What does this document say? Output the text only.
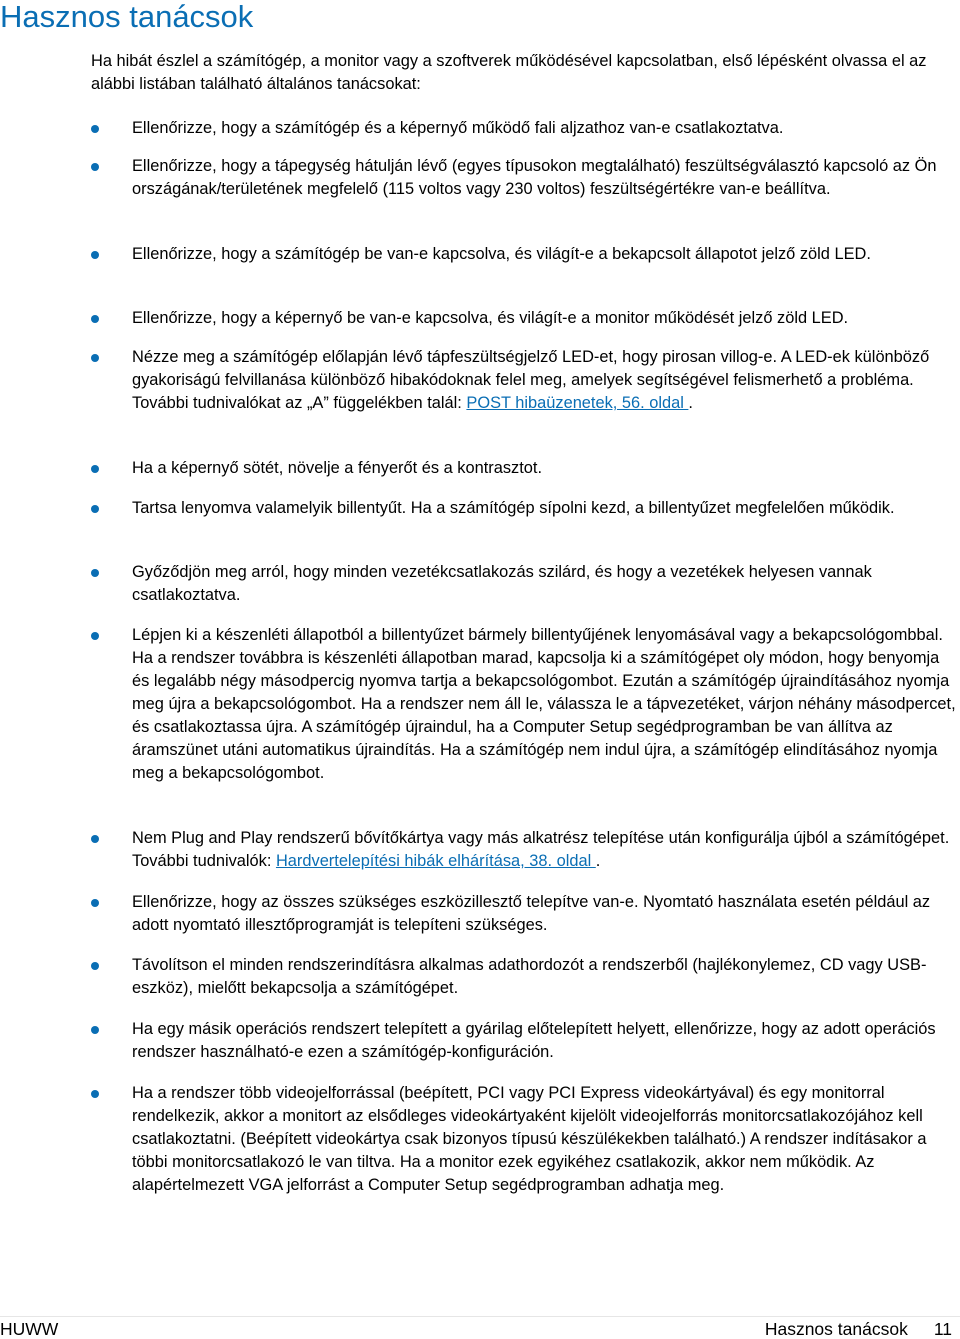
Hasznos tanácsok

Ha hibát észlel a számítógép, a monitor vagy a szoftverek működésével kapcsolatban, első lépésként olvassa el az alábbi listában található általános tanácsokat:

Ellenőrizze, hogy a számítógép és a képernyő működő fali aljzathoz van-e csatlakoztatva.

Ellenőrizze, hogy a tápegység hátulján lévő (egyes típusokon megtalálható) feszültségválasztó kapcsoló az Ön országának/területének megfelelő (115 voltos vagy 230 voltos) feszültségértékre van-e beállítva.

Ellenőrizze, hogy a számítógép be van-e kapcsolva, és világít-e a bekapcsolt állapotot jelző zöld LED.

Ellenőrizze, hogy a képernyő be van-e kapcsolva, és világít-e a monitor működését jelző zöld LED.

Nézze meg a számítógép előlapján lévő tápfeszültségjelző LED-et, hogy pirosan villog-e. A LED-ek különböző gyakoriságú felvillanása különböző hibakódoknak felel meg, amelyek segítségével felismerhető a probléma. További tudnivalókat az „A” függelékben talál: POST hibaüzenetek, 56. oldal .

Ha a képernyő sötét, növelje a fényerőt és a kontrasztot.

Tartsa lenyomva valamelyik billentyűt. Ha a számítógép sípolni kezd, a billentyűzet megfelelően működik.

Győződjön meg arról, hogy minden vezetékcsatlakozás szilárd, és hogy a vezetékek helyesen vannak csatlakoztatva.

Lépjen ki a készenléti állapotból a billentyűzet bármely billentyűjének lenyomásával vagy a bekapcsológombbal. Ha a rendszer továbbra is készenléti állapotban marad, kapcsolja ki a számítógépet oly módon, hogy benyomja és legalább négy másodpercig nyomva tartja a bekapcsológombot. Ezután a számítógép újraindításához nyomja meg újra a bekapcsológombot. Ha a rendszer nem áll le, válassza le a tápvezetéket, várjon néhány másodpercet, és csatlakoztassa újra. A számítógép újraindul, ha a Computer Setup segédprogramban be van állítva az áramszünet utáni automatikus újraindítás. Ha a számítógép nem indul újra, a számítógép elindításához nyomja meg a bekapcsológombot.

Nem Plug and Play rendszerű bővítőkártya vagy más alkatrész telepítése után konfigurálja újból a számítógépet. További tudnivalók: Hardvertelepítési hibák elhárítása, 38. oldal .

Ellenőrizze, hogy az összes szükséges eszközillesztő telepítve van-e. Nyomtató használata esetén például az adott nyomtató illesztőprogramját is telepíteni szükséges.

Távolítson el minden rendszerindításra alkalmas adathordozót a rendszerből (hajlékonylemez, CD vagy USB-eszköz), mielőtt bekapcsolja a számítógépet.

Ha egy másik operációs rendszert telepített a gyárilag előtelepített helyett, ellenőrizze, hogy az adott operációs rendszer használható-e ezen a számítógép-konfiguráción.

Ha a rendszer több videojelforrással (beépített, PCI vagy PCI Express videokártyával) és egy monitorral rendelkezik, akkor a monitort az elsődleges videokártyaként kijelölt videojelforrás monitorcsatlakozójához kell csatlakoztatni. (Beépített videokártya csak bizonyos típusú készülékekben található.) A rendszer indításakor a többi monitorcsatlakozó le van tiltva. Ha a monitor ezek egyikéhez csatlakozik, akkor nem működik. Az alapértelmezett VGA jelforrást a Computer Setup segédprogramban adhatja meg.

HUWW	Hasznos tanácsok 11
